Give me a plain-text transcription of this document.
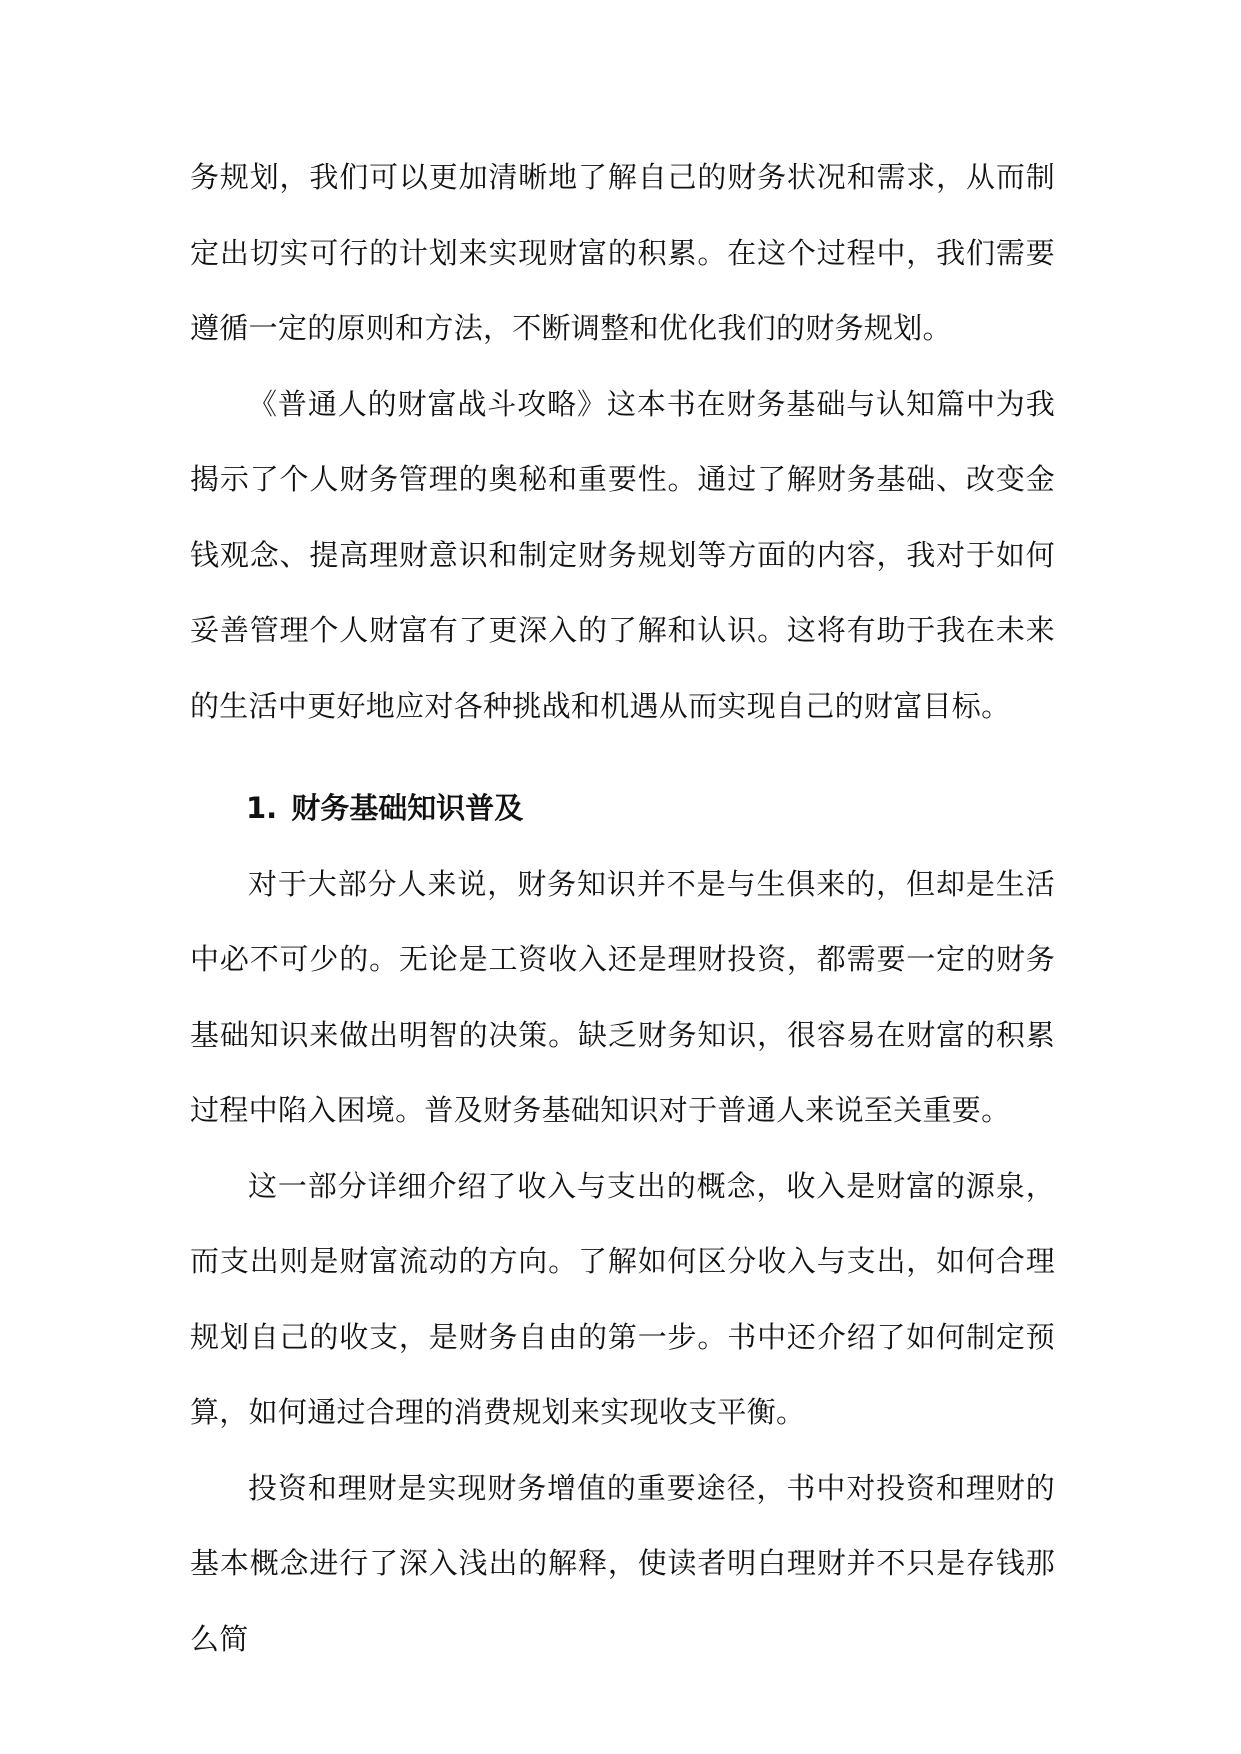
务规划，我们可以更加清晰地了解自己的财务状况和需求，从而制定出切实可行的计划来实现财富的积累。在这个过程中，我们需要遵循一定的原则和方法，不断调整和优化我们的财务规划。

《普通人的财富战斗攻略》这本书在财务基础与认知篇中为我揭示了个人财务管理的奥秘和重要性。通过了解财务基础、改变金钱观念、提高理财意识和制定财务规划等方面的内容，我对于如何妥善管理个人财富有了更深入的了解和认识。这将有助于我在未来的生活中更好地应对各种挑战和机遇从而实现自己的财富目标。

1. 财务基础知识普及

对于大部分人来说，财务知识并不是与生俱来的，但却是生活中必不可少的。无论是工资收入还是理财投资，都需要一定的财务基础知识来做出明智的决策。缺乏财务知识，很容易在财富的积累过程中陷入困境。普及财务基础知识对于普通人来说至关重要。

这一部分详细介绍了收入与支出的概念，收入是财富的源泉，而支出则是财富流动的方向。了解如何区分收入与支出，如何合理规划自己的收支，是财务自由的第一步。书中还介绍了如何制定预算，如何通过合理的消费规划来实现收支平衡。

投资和理财是实现财务增值的重要途径，书中对投资和理财的基本概念进行了深入浅出的解释，使读者明白理财并不只是存钱那么简
